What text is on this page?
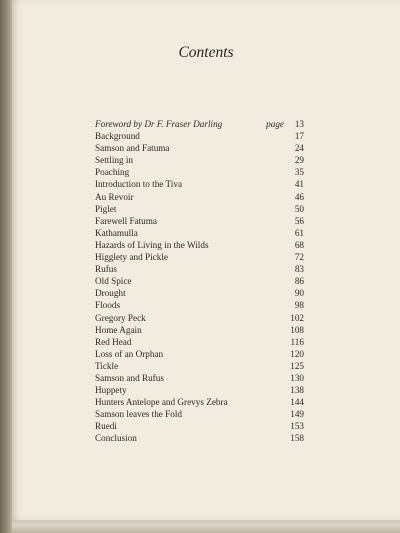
Contents
Foreword by Dr F. Fraser Darling	page 13
Background	17
Samson and Fatuma	24
Settling in	29
Poaching	35
Introduction to the Tiva	41
Au Revoir	46
Piglet	50
Farewell Fatuma	56
Kathamulla	61
Hazards of Living in the Wilds	68
Higglety and Pickle	72
Rufus	83
Old Spice	86
Drought	90
Floods	98
Gregory Peck	102
Home Again	108
Red Head	116
Loss of an Orphan	120
Tickle	125
Samson and Rufus	130
Huppety	138
Hunters Antelope and Grevys Zebra	144
Samson leaves the Fold	149
Ruedi	153
Conclusion	158
